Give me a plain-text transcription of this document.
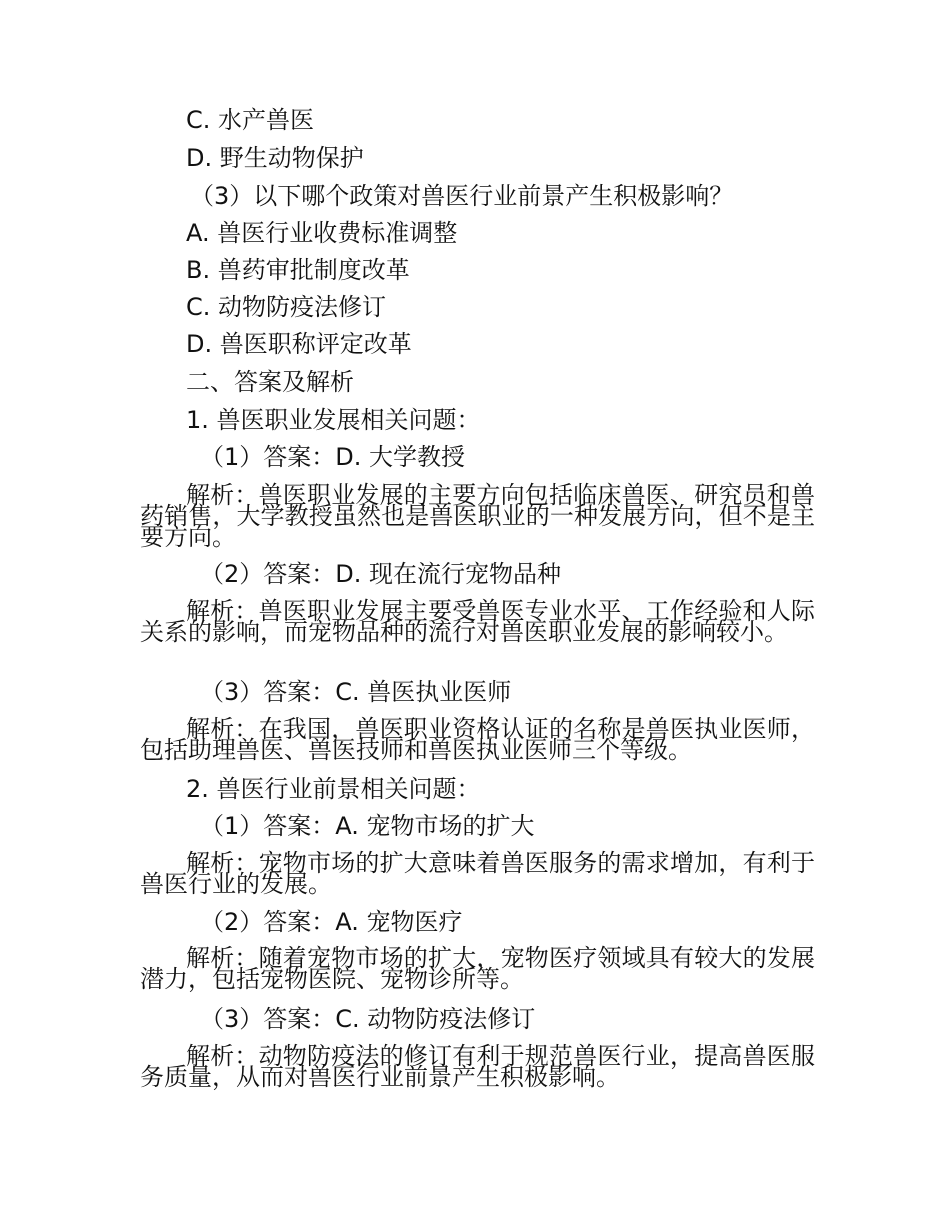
C. 水产兽医

D. 野生动物保护

（3）以下哪个政策对兽医行业前景产生积极影响？

A. 兽医行业收费标准调整

B. 兽药审批制度改革

C. 动物防疫法修订

D. 兽医职称评定改革

二、答案及解析

1. 兽医职业发展相关问题：

（1）答案：D. 大学教授

解析：兽医职业发展的主要方向包括临床兽医、研究员和兽药销售，大学教授虽然也是兽医职业的一种发展方向，但不是主要方向。

（2）答案：D. 现在流行宠物品种

解析：兽医职业发展主要受兽医专业水平、工作经验和人际关系的影响，而宠物品种的流行对兽医职业发展的影响较小。

（3）答案：C. 兽医执业医师

解析：在我国，兽医职业资格认证的名称是兽医执业医师，包括助理兽医、兽医技师和兽医执业医师三个等级。

2. 兽医行业前景相关问题：

（1）答案：A. 宠物市场的扩大

解析：宠物市场的扩大意味着兽医服务的需求增加，有利于兽医行业的发展。

（2）答案：A. 宠物医疗

解析：随着宠物市场的扩大，宠物医疗领域具有较大的发展潜力，包括宠物医院、宠物诊所等。

（3）答案：C. 动物防疫法修订

解析：动物防疫法的修订有利于规范兽医行业，提高兽医服务质量，从而对兽医行业前景产生积极影响。
